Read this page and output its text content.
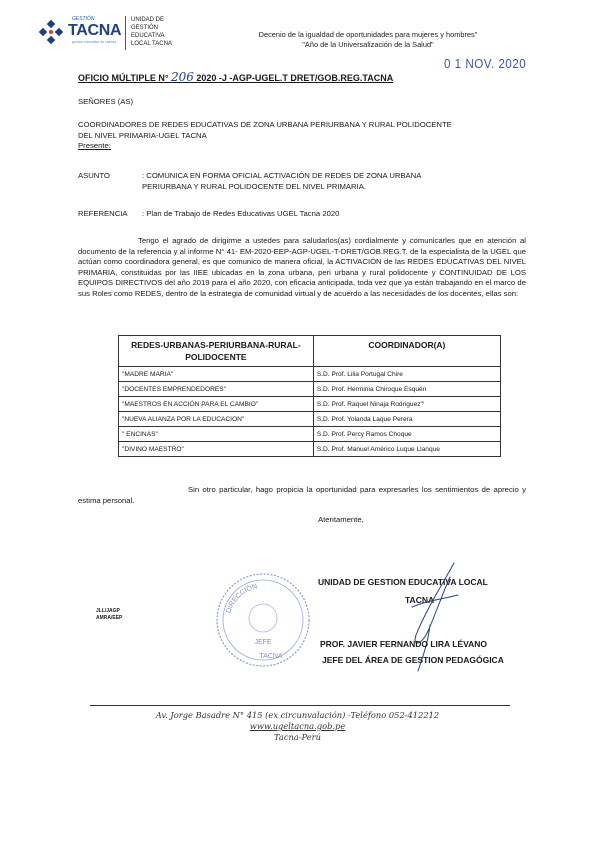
GESTIÓN
TACNA
gestión educativa de calidad
UNIDAD DE
GESTIÓN
EDUCATIVA
LOCAL TACNA
Decenio de la igualdad de oportunidades para mujeres y hombres"
"Año de la Universalización de la Salud"
0 1 NOV. 2020
OFICIO MÚLTIPLE N° 206 2020 -J -AGP-UGEL.T DRET/GOB.REG.TACNA
SEÑORES (AS)
COORDINADORES DE REDES EDUCATIVAS DE ZONA URBANA PERIURBANA Y RURAL POLIDOCENTE
DEL NIVEL PRIMARIA-UGEL TACNA
Presente:
ASUNTO	: COMUNICA EN FORMA OFICIAL ACTIVACIÓN DE REDES DE ZONA URBANA PERIURBANA Y RURAL POLIDOCENTE DEL NIVEL PRIMARIA.
REFERENCIA : Plan de Trabajo de Redes Educativas UGEL Tacna 2020
Tengo el agrado de dirigirme a ustedes para saludarlos(as) cordialmente y comunicarles que en atención al documento de la referencia y al informe N° 41- EM-2020-EEP-AGP-UGEL-T-DRET/GOB.REG.T. de la especialista de la UGEL que actúan como coordinadora general, es que comunico de manera oficial, la ACTIVACIÓN de las REDES EDUCATIVAS DEL NIVEL PRIMARIA, constituidas por las IIEE ubicadas en la zona urbana, peri urbana y rural polidocente y CONTINUIDAD DE LOS EQUIPOS DIRECTIVOS del año 2019 para el año 2020, con eficacia anticipada, toda vez que ya están trabajando en el marco de sus Roles como REDES, dentro de la estrategia de comunidad virtual y de acuerdo a las necesidades de los docentes, ellas son:
REDES-URBANAS-PERIURBANA-RURAL-POLIDOCENTE	COORDINADOR(A)
"MADRE MARIA"	S.D. Prof. Lilia Portugal Chire
"DOCENTES EMPRENDEDORES"	S.D. Prof. Herminia Chiroque Esquén
"MAESTROS EN ACCIÓN PARA EL CAMBIO"	S.D. Prof. Raquel Ninaja Rodriguez"'
"NUEVA ALIANZA POR LA EDUCACION"	S.D. Prof. Yolanda Laque Perera
" ENCINAS"	S.D. Prof. Percy Ramos Choque
"DIVINO MAESTRO"	S.D. Prof. Manuel Américo Luque Llanque
Sin otro particular, hago propicia la oportunidad para expresarles los sentimientos de aprecio y estima personal.
Atentamente,
DIRECCIÓN
JEFE
TACNA
UNIDAD DE GESTION EDUCATIVA LOCAL
TACNA
PROF. JAVIER FERNANDO LIRA LÉVANO
JEFE DEL ÁREA DE GESTION PEDAGÓGICA
JLL/JAGP
AMRA/EEP
Av. Jorge Basadre N° 415 (ex circunvalación) -Teléfono 052-412212
www.ugeltacna.gob.pe
Tacna-Perú
